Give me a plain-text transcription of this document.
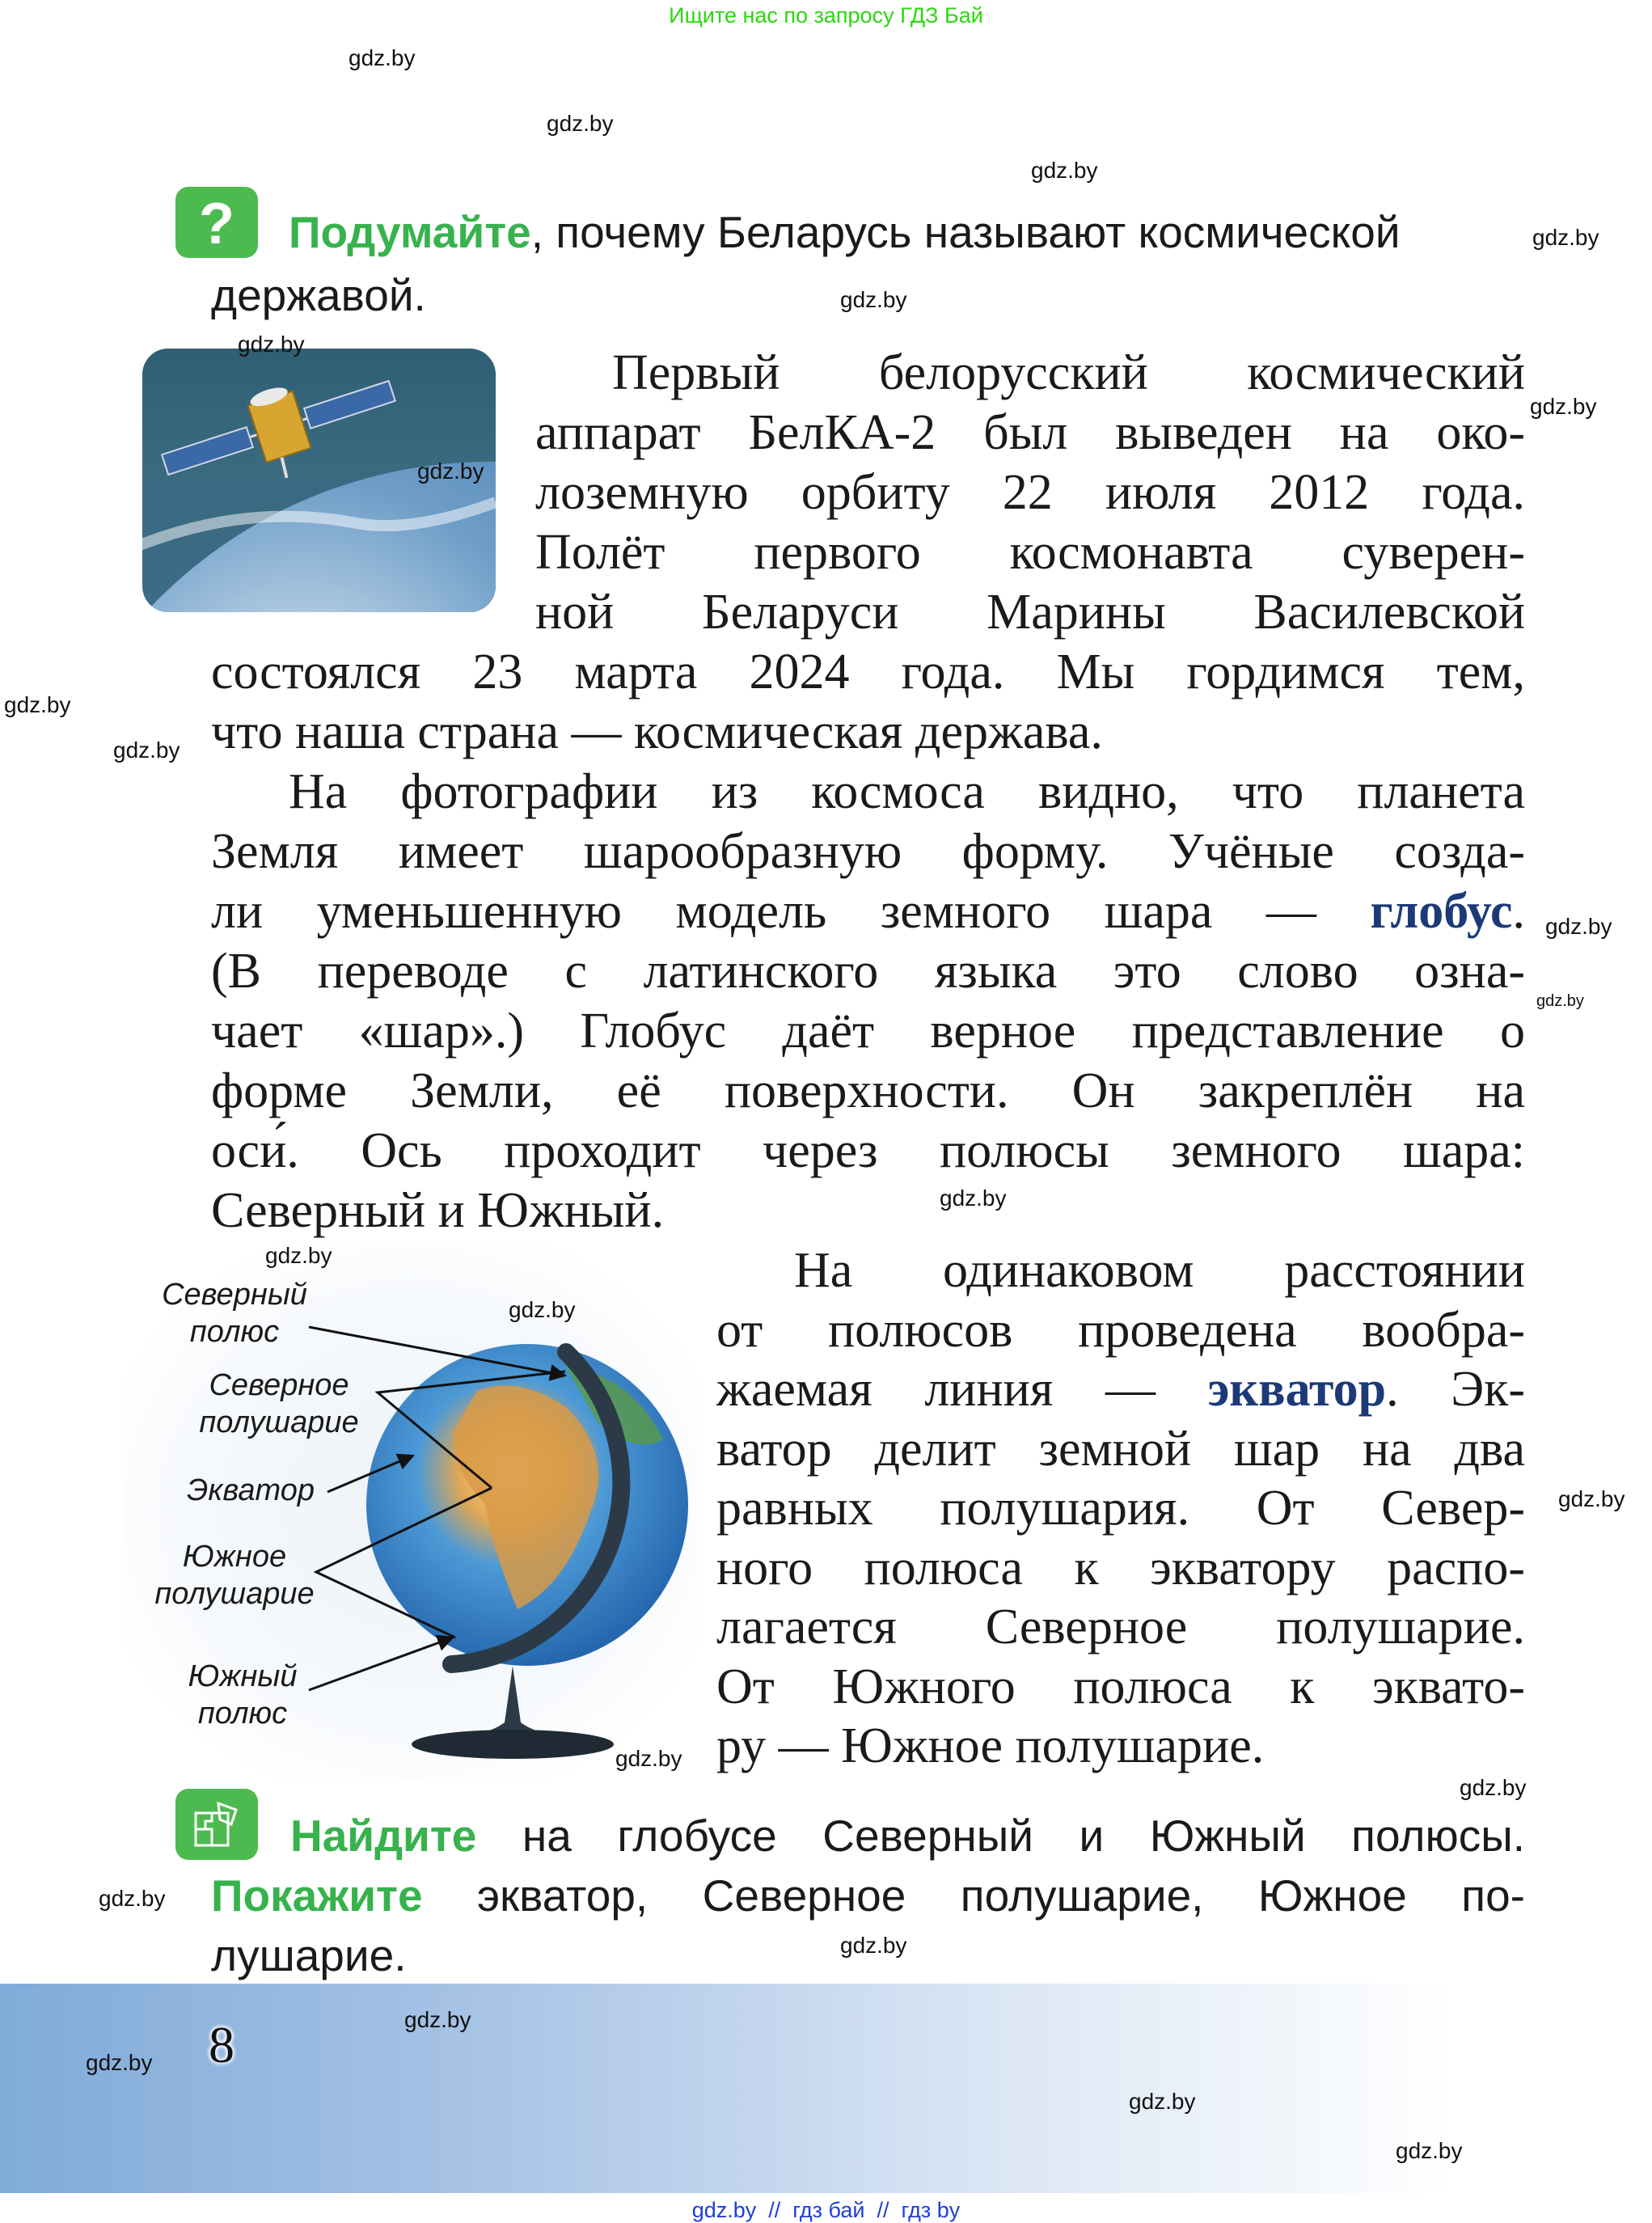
Ищите нас по запросу ГДЗ Бай
gdz.by
gdz.by
gdz.by
gdz.by
gdz.by
gdz.by
gdz.by
gdz.by
gdz.by
gdz.by
gdz.by
gdz.by
gdz.by
gdz.by
gdz.by
gdz.by
gdz.by
gdz.by
gdz.by
gdz.by
gdz.by
gdz.by
gdz.by
gdz.by
? Подумайте, почему Беларусь называют космической
державой.
Первый белорусский космический
аппарат БелКА-2 был выведен на око-
лоземную орбиту 22 июля 2012 года.
Полёт первого космонавта суверен-
ной Беларуси Марины Василевской
состоялся 23 марта 2024 года. Мы гордимся тем,
что наша страна — космическая держава.
На фотографии из космоса видно, что планета
Земля имеет шарообразную форму. Учёные созда-
ли уменьшенную модель земного шара — глобус.
(В переводе с латинского языка это слово озна-
чает «шар».) Глобус даёт верное представление о
форме Земли, её поверхности. Он закреплён на
оси́. Ось проходит через полюсы земного шара:
Северный и Южный.
На одинаковом расстоянии
от полюсов проведена вообра-
жаемая линия — экватор. Эк-
ватор делит земной шар на два
равных полушария. От Север-
ного полюса к экватору распо-
лагается Северное полушарие.
От Южного полюса к эквато-
ру — Южное полушарие.
Северный
полюс
Северное
полушарие
Экватор
Южное
полушарие
Южный
полюс
Найдите на глобусе Северный и Южный полюсы.
Покажите экватор, Северное полушарие, Южное по-
лушарие.
8
gdz.by  //  гдз бай  //  гдз by
